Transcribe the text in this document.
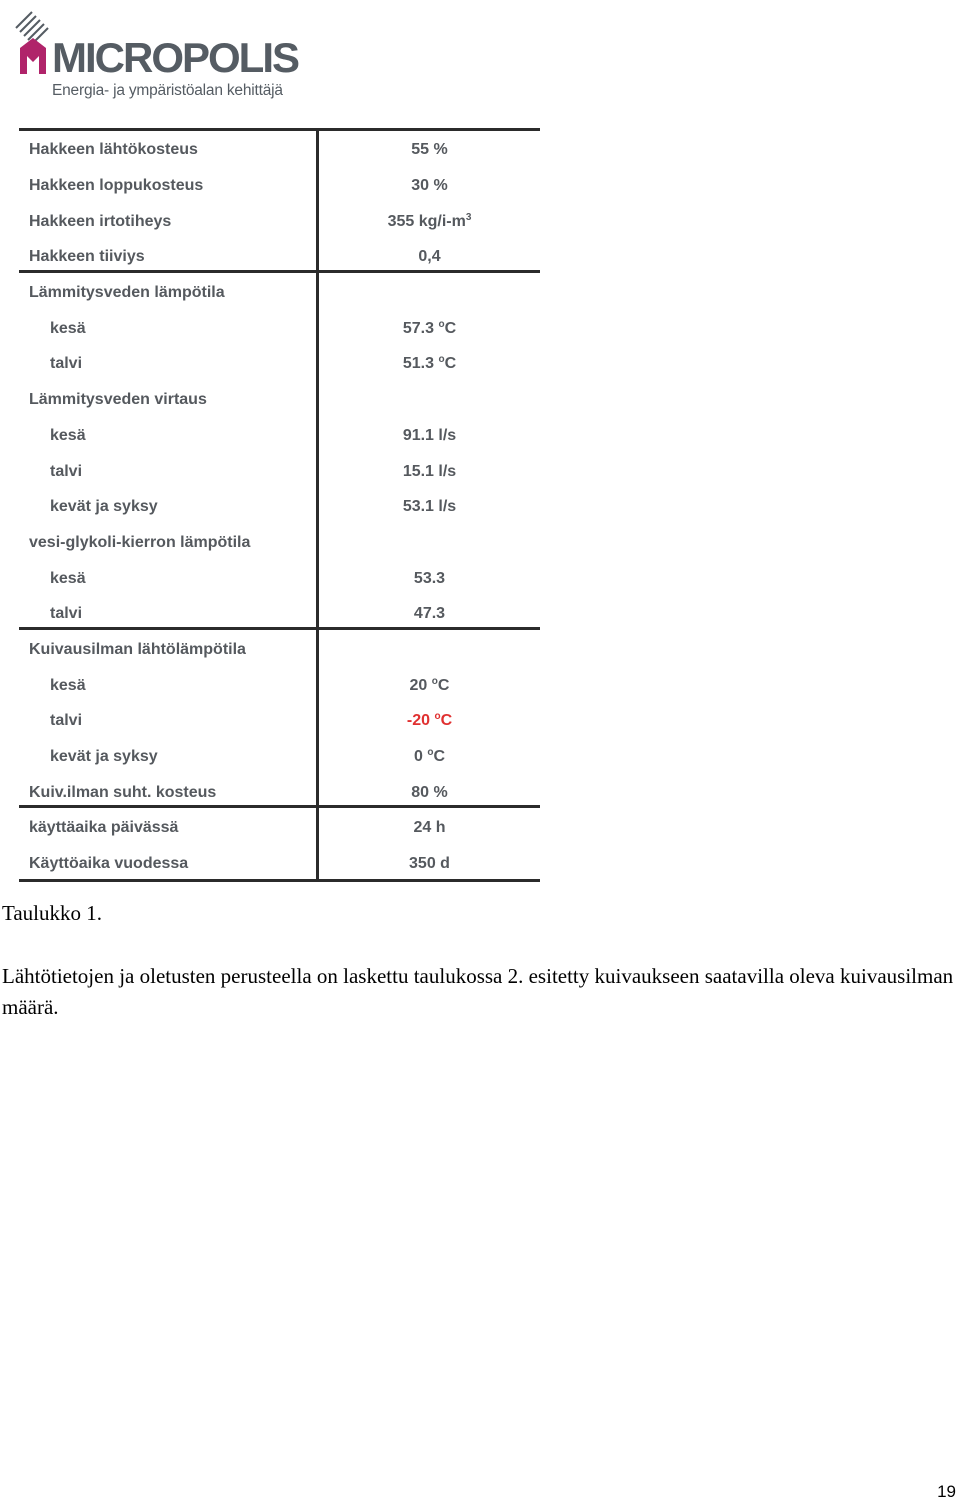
MICROPOLIS
Energia- ja ympäristöalan kehittäjä
Hakkeen lähtökosteus	55 %
Hakkeen loppukosteus	30 %
Hakkeen irtotiheys	355 $kg/i-m^3$
Hakkeen tiiviys	0,4
Lämmitysveden lämpötila
kesä	57.3 $^o$C
talvi	51.3 $^o$C
Lämmitysveden virtaus
kesä	91.1 l/s
talvi	15.1 l/s
kevät ja syksy	53.1 l/s
vesi-glykoli-kierron lämpötila
kesä	53.3
talvi	47.3
Kuivausilman lähtölämpötila
kesä	20 $^o$C
talvi	-20 $^o$C
kevät ja syksy	0 $^o$C
Kuiv.ilman suht. kosteus	80 %
käyttäaika päivässä	24 h
Käyttöaika vuodessa	350 d
Taulukko 1.

Lähtötietojen ja oletusten perusteella on laskettu taulukossa 2. esitetty kuivaukseen saatavilla oleva kuivausilman määrä.

19
